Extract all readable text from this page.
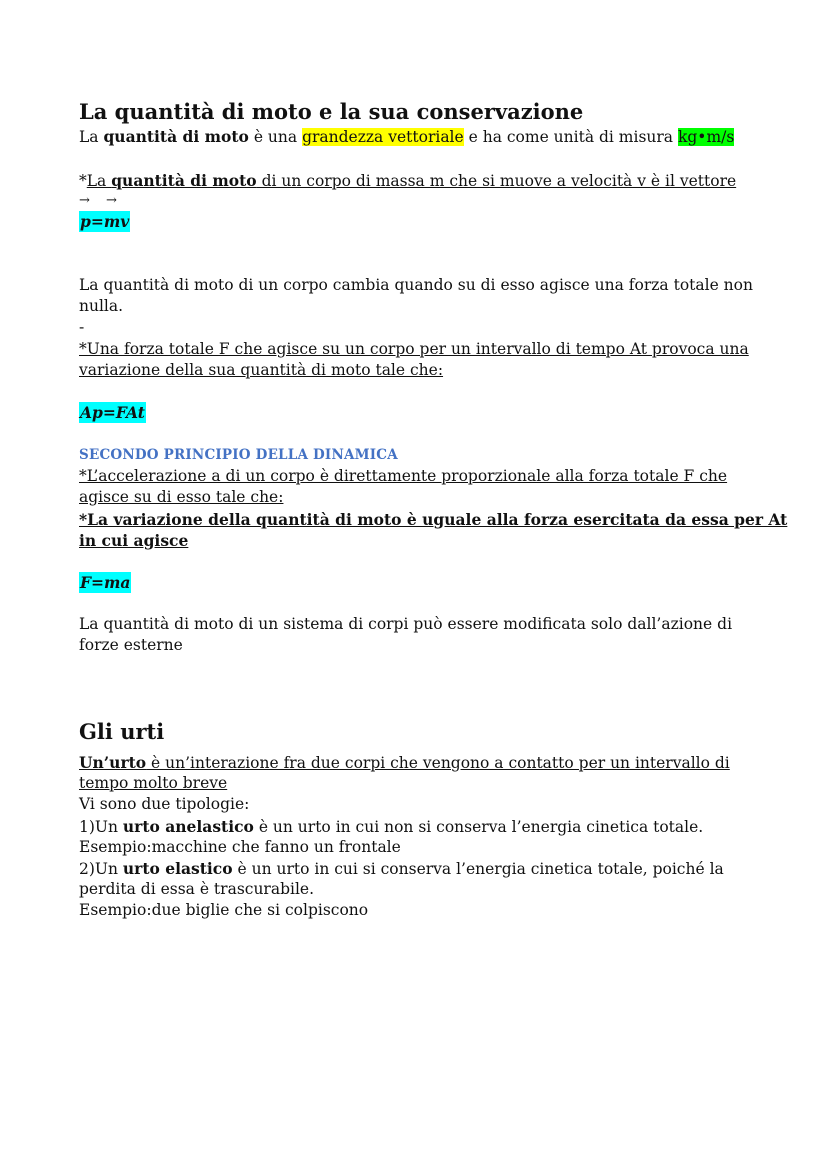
La quantità di moto e la sua conservazione
La quantità di moto è una grandezza vettoriale e ha come unità di misura kg•m/s
*La quantità di moto di un corpo di massa m che si muove a velocità v è il vettore
→ →
p=mv
La quantità di moto di un corpo cambia quando su di esso agisce una forza totale non
nulla.
-
*Una forza totale F che agisce su un corpo per un intervallo di tempo At provoca una
variazione della sua quantità di moto tale che:
Ap=FAt
SECONDO PRINCIPIO DELLA DINAMICA
*L’accelerazione a di un corpo è direttamente proporzionale alla forza totale F che
agisce su di esso tale che:
*La variazione della quantità di moto è uguale alla forza esercitata da essa per At
in cui agisce
F=ma
La quantità di moto di un sistema di corpi può essere modificata solo dall’azione di
forze esterne
Gli urti
Un’urto è un’interazione fra due corpi che vengono a contatto per un intervallo di
tempo molto breve
Vi sono due tipologie:
1)Un urto anelastico è un urto in cui non si conserva l’energia cinetica totale.
Esempio:macchine che fanno un frontale
2)Un urto elastico è un urto in cui si conserva l’energia cinetica totale, poiché la
perdita di essa è trascurabile.
Esempio:due biglie che si colpiscono
